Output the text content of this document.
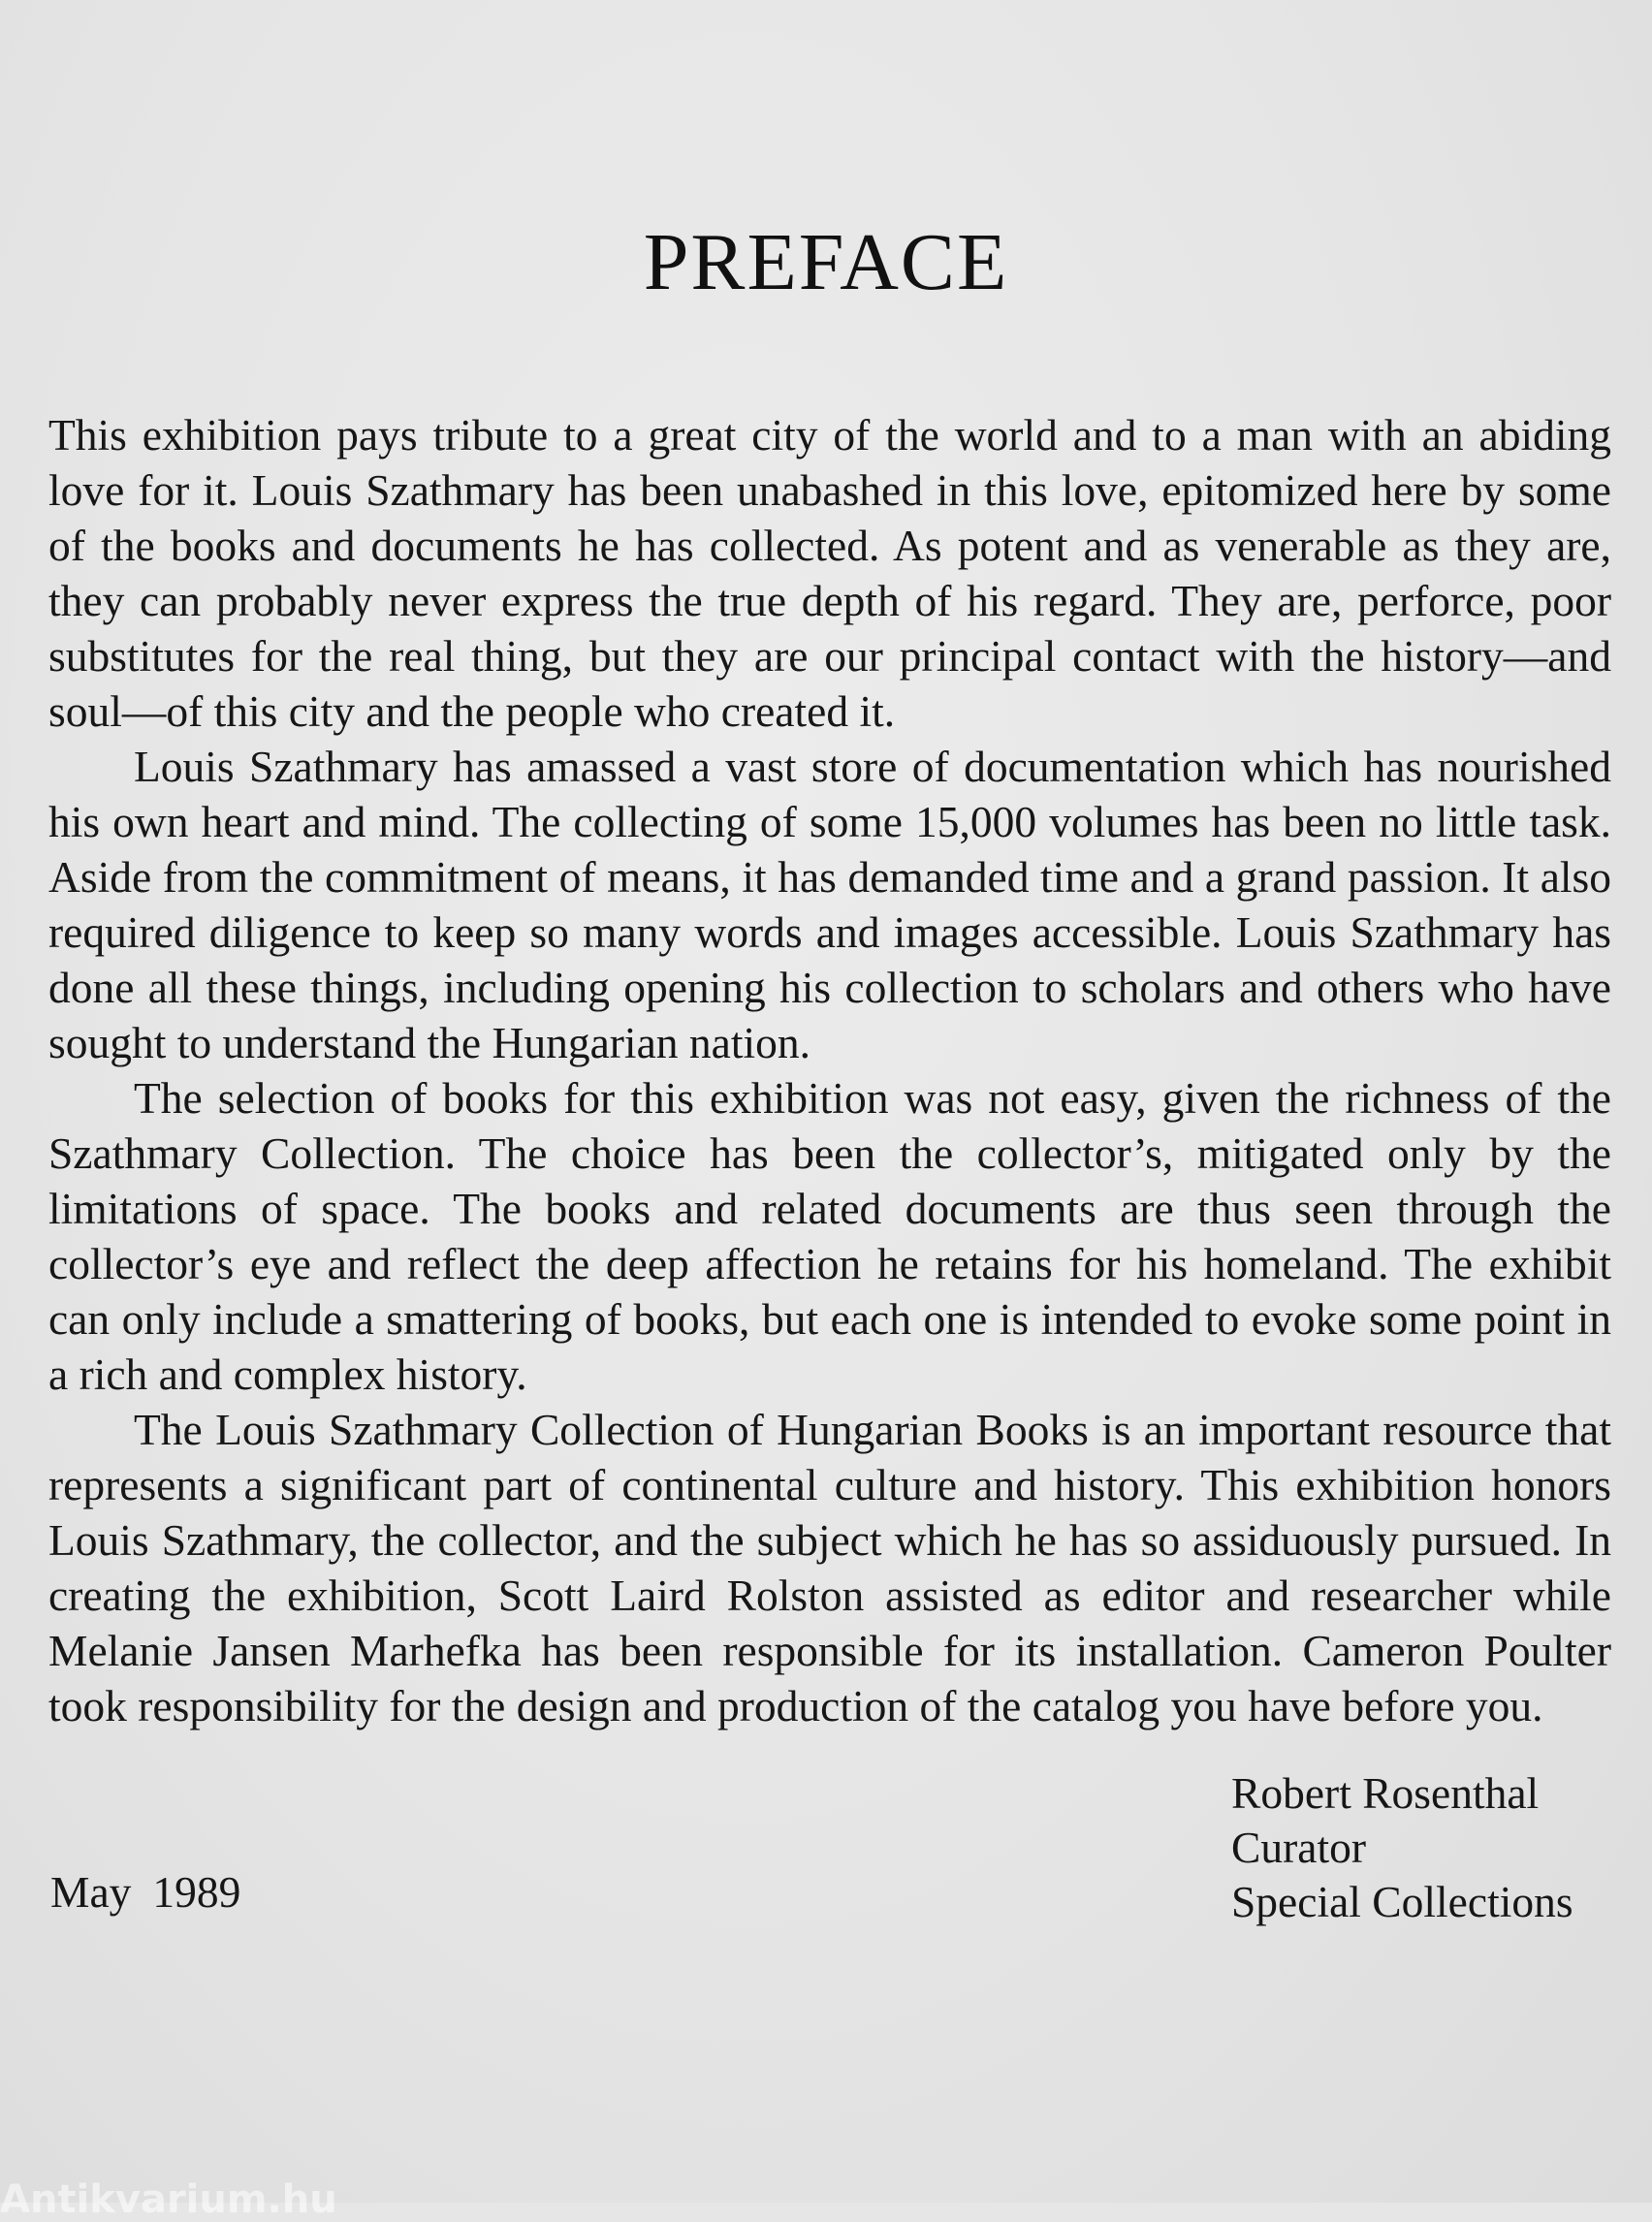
PREFACE

This exhibition pays tribute to a great city of the world and to a man with an abiding love for it. Louis Szathmary has been unabashed in this love, epitomized here by some of the books and documents he has collected. As potent and as venerable as they are, they can probably never express the true depth of his regard. They are, perforce, poor substitutes for the real thing, but they are our principal contact with the history—and soul—of this city and the people who created it.

Louis Szathmary has amassed a vast store of documentation which has nourished his own heart and mind. The collecting of some 15,000 volumes has been no little task. Aside from the commitment of means, it has demanded time and a grand passion. It also required diligence to keep so many words and images accessible. Louis Szathmary has done all these things, including opening his collection to scholars and others who have sought to understand the Hungarian nation.

The selection of books for this exhibition was not easy, given the richness of the Szathmary Collection. The choice has been the collector’s, mitigated only by the limitations of space. The books and related documents are thus seen through the collector’s eye and reflect the deep affection he retains for his homeland. The exhibit can only include a smattering of books, but each one is intended to evoke some point in a rich and complex history.

The Louis Szathmary Collection of Hungarian Books is an important resource that represents a significant part of continental culture and history. This exhibition honors Louis Szathmary, the collector, and the subject which he has so assiduously pursued. In creating the exhibition, Scott Laird Rolston assisted as editor and researcher while Melanie Jansen Marhefka has been responsible for its installation. Cameron Poulter took responsibility for the design and production of the catalog you have before you.

Robert Rosenthal
Curator
Special Collections
May 1989
Antikvarium.hu
